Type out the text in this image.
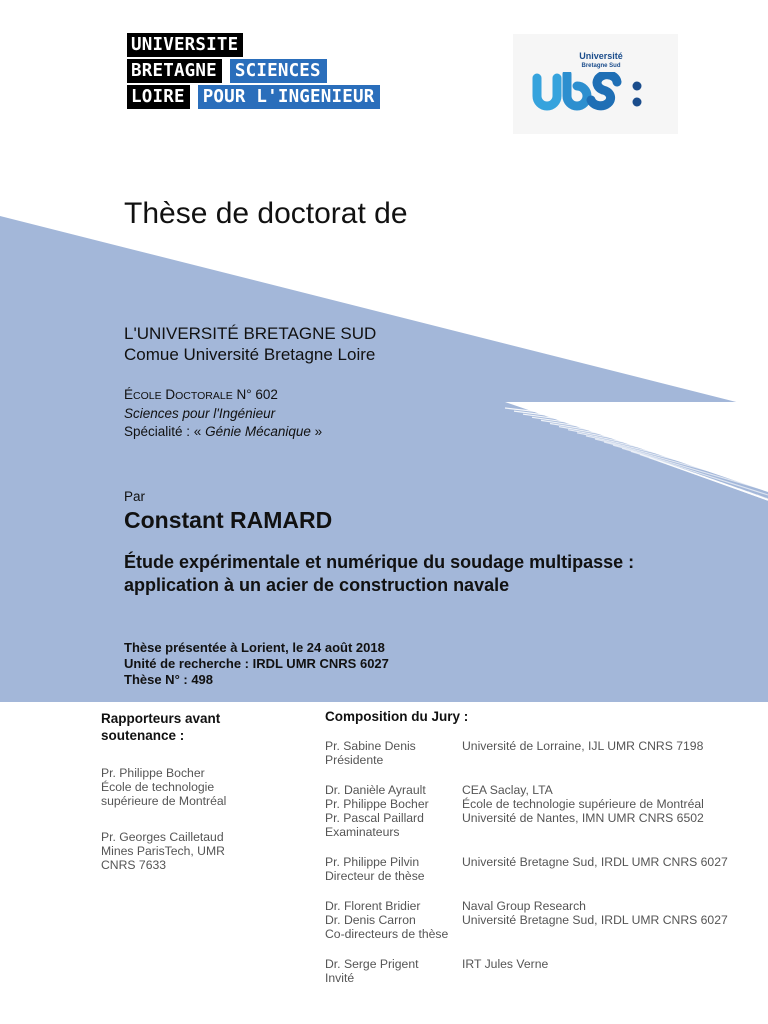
UNIVERSITE
BRETAGNE SCIENCES
LOIRE POUR L'INGENIEUR
Université
Bretagne Sud
Thèse de doctorat de
L'UNIVERSITÉ BRETAGNE SUD
Comue Université Bretagne Loire
ÉCOLE DOCTORALE N° 602
Sciences pour l'Ingénieur
Spécialité : « Génie Mécanique »
Par
Constant RAMARD
Étude expérimentale et numérique du soudage multipasse :
application à un acier de construction navale
Thèse présentée à Lorient, le 24 août 2018
Unité de recherche : IRDL UMR CNRS 6027
Thèse N° : 498
Rapporteurs avant
soutenance :
Pr. Philippe Bocher
École de technologie
supérieure de Montréal
Pr. Georges Cailletaud
Mines ParisTech, UMR
CNRS 7633
Composition du Jury :
Pr. Sabine Denis	Université de Lorraine, IJL UMR CNRS 7198
Présidente
Dr. Danièle Ayrault	CEA Saclay, LTA
Pr. Philippe Bocher	École de technologie supérieure de Montréal
Pr. Pascal Paillard	Université de Nantes, IMN UMR CNRS 6502
Examinateurs
Pr. Philippe Pilvin	Université Bretagne Sud, IRDL UMR CNRS 6027
Directeur de thèse
Dr. Florent Bridier	Naval Group Research
Dr. Denis Carron	Université Bretagne Sud, IRDL UMR CNRS 6027
Co-directeurs de thèse
Dr. Serge Prigent	IRT Jules Verne
Invité
